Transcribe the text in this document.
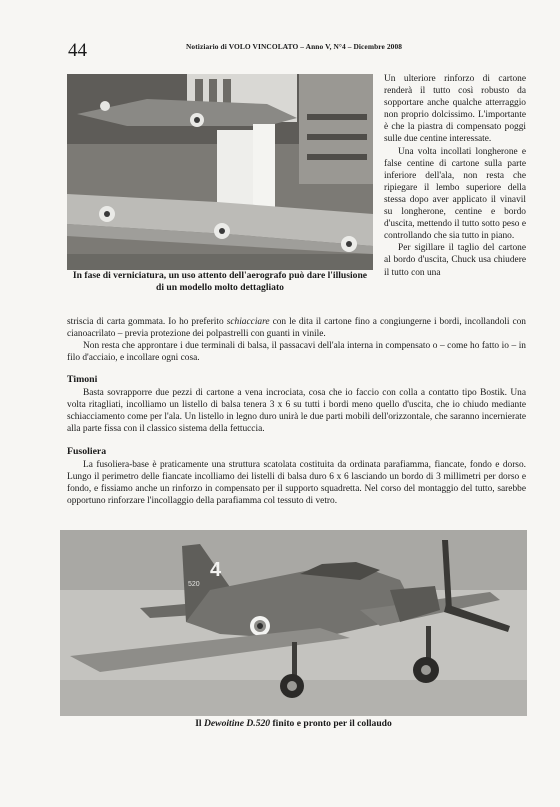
44	Notiziario di VOLO VINCOLATO – Anno V, N°4 – Dicembre 2008
In fase di verniciatura, un uso attento dell'aerografo può dare l'illusione di un modello molto dettagliato

Un ulteriore rinforzo di cartone renderà il tutto così robusto da sopportare anche qualche atterraggio non proprio dolcissimo. L'importante è che la piastra di compensato poggi sulle due centine interessate.

Una volta incollati longherone e false centine di cartone sulla parte inferiore dell'ala, non resta che ripiegare il lembo superiore della stessa dopo aver applicato il vinavil su longherone, centine e bordo d'uscita, mettendo il tutto sotto peso e controllando che sia tutto in piano.

Per sigillare il taglio del cartone al bordo d'uscita, Chuck usa chiudere il tutto con una

striscia di carta gommata. Io ho preferito schiacciare con le dita il cartone fino a congiungerne i bordi, incollandoli con cianoacrilato – previa protezione dei polpastrelli con guanti in vinile.

Non resta che approntare i due terminali di balsa, il passacavi dell'ala interna in compensato o – come ho fatto io – in filo d'acciaio, e incollare ogni cosa.

Timoni

Basta sovrapporre due pezzi di cartone a vena incrociata, cosa che io faccio con colla a contatto tipo Bostik. Una volta ritagliati, incolliamo un listello di balsa tenera 3 x 6 su tutti i bordi meno quello d'uscita, che io chiudo mediante schiacciamento come per l'ala. Un listello in legno duro unirà le due parti mobili dell'orizzontale, che saranno incernierate alla parte fissa con il classico sistema della fettuccia.

Fusoliera

La fusoliera-base è praticamente una struttura scatolata costituita da ordinata parafiamma, fiancate, fondo e dorso. Lungo il perimetro delle fiancate incolliamo dei listelli di balsa duro 6 x 6 lasciando un bordo di 3 millimetri per dorso e fondo, e fissiamo anche un rinforzo in compensato per il supporto squadretta. Nel corso del montaggio del tutto, sarebbe opportuno rinforzare l'incollaggio della parafiamma col tessuto di vetro.

4
520
Il Dewoitine D.520 finito e pronto per il collaudo
